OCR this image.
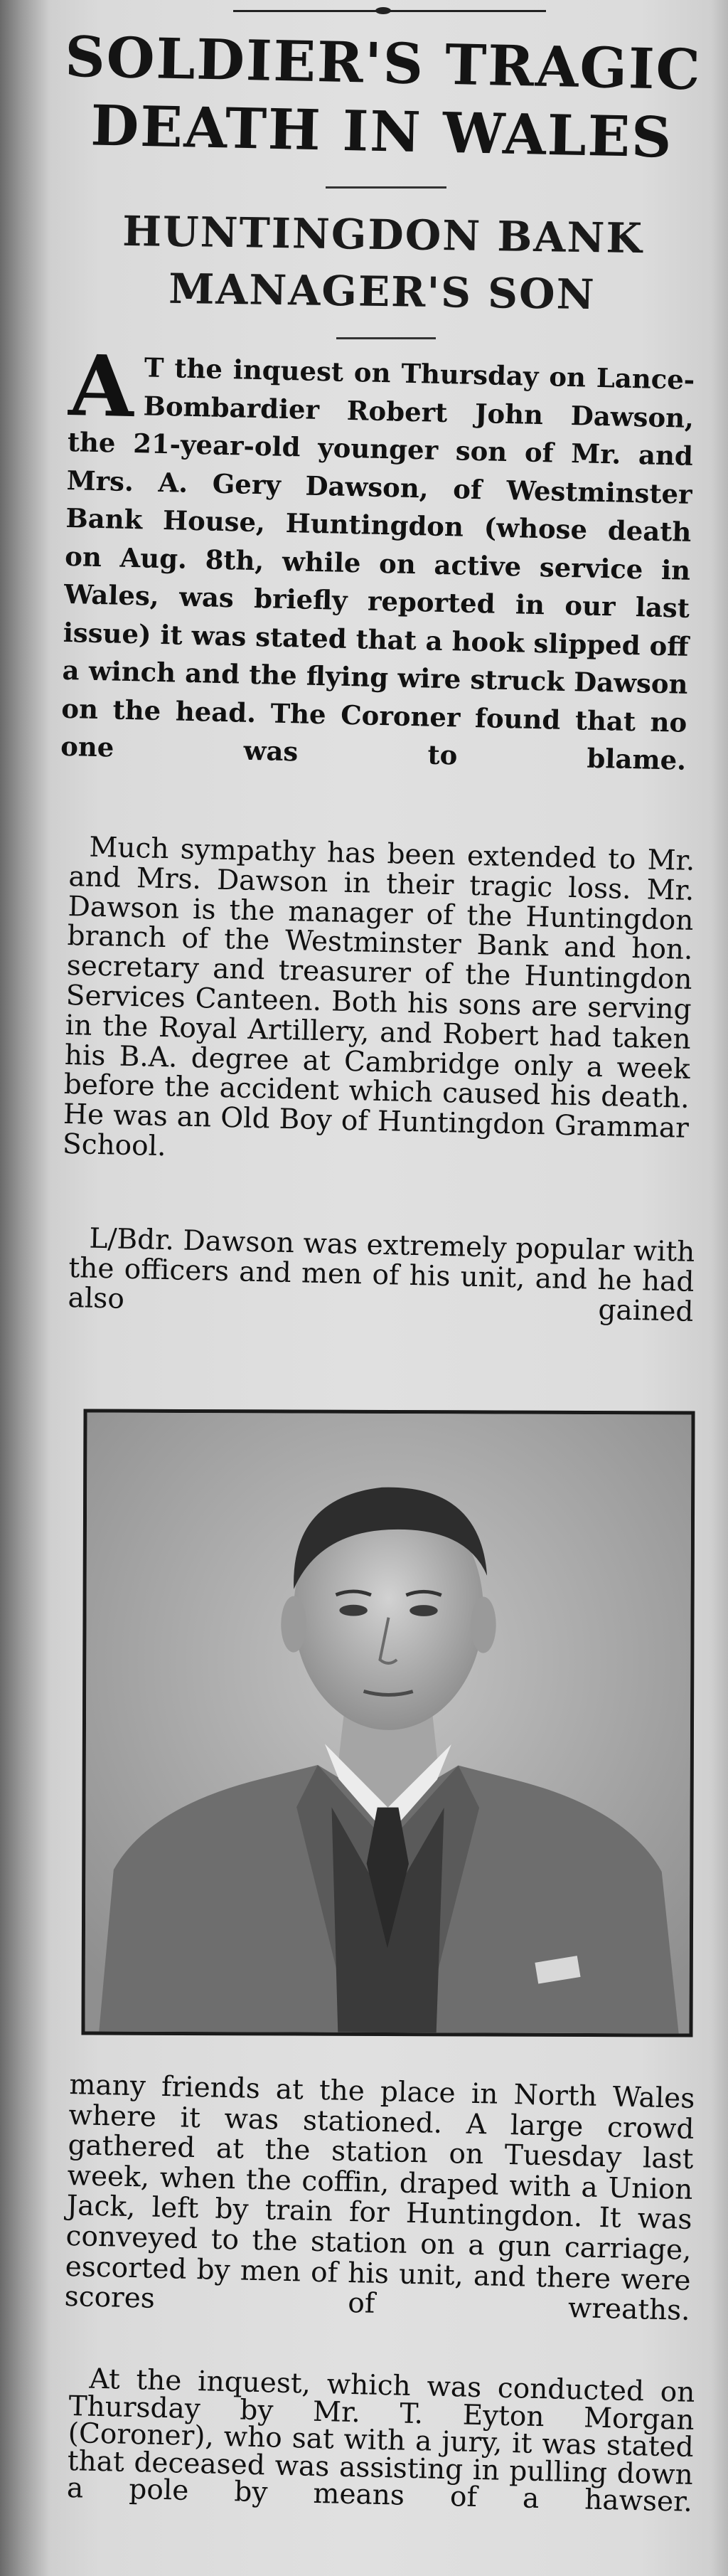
SOLDIER'S TRAGIC DEATH IN WALES
HUNTINGDON BANK MANAGER'S SON
A T the inquest on Thursday on Lance-Bombardier Robert John Dawson, the 21-year-old younger son of Mr. and Mrs. A. Gery Dawson, of Westminster Bank House, Huntingdon (whose death on Aug. 8th, while on active service in Wales, was briefly reported in our last issue) it was stated that a hook slipped off a winch and the flying wire struck Dawson on the head. The Coroner found that no one was to blame.
Much sympathy has been extended to Mr. and Mrs. Dawson in their tragic loss. Mr. Dawson is the manager of the Huntingdon branch of the Westminster Bank and hon. secretary and treasurer of the Huntingdon Services Canteen. Both his sons are serving in the Royal Artillery, and Robert had taken his B.A. degree at Cambridge only a week before the accident which caused his death. He was an Old Boy of Huntingdon Grammar School.
L/Bdr. Dawson was extremely popular with the officers and men of his unit, and he had also gained
many friends at the place in North Wales where it was stationed. A large crowd gathered at the station on Tuesday last week, when the coffin, draped with a Union Jack, left by train for Huntingdon. It was conveyed to the station on a gun carriage, escorted by men of his unit, and there were scores of wreaths.
At the inquest, which was conducted on Thursday by Mr. T. Eyton Morgan (Coroner), who sat with a jury, it was stated that deceased was assisting in pulling down a pole by means of a hawser.
